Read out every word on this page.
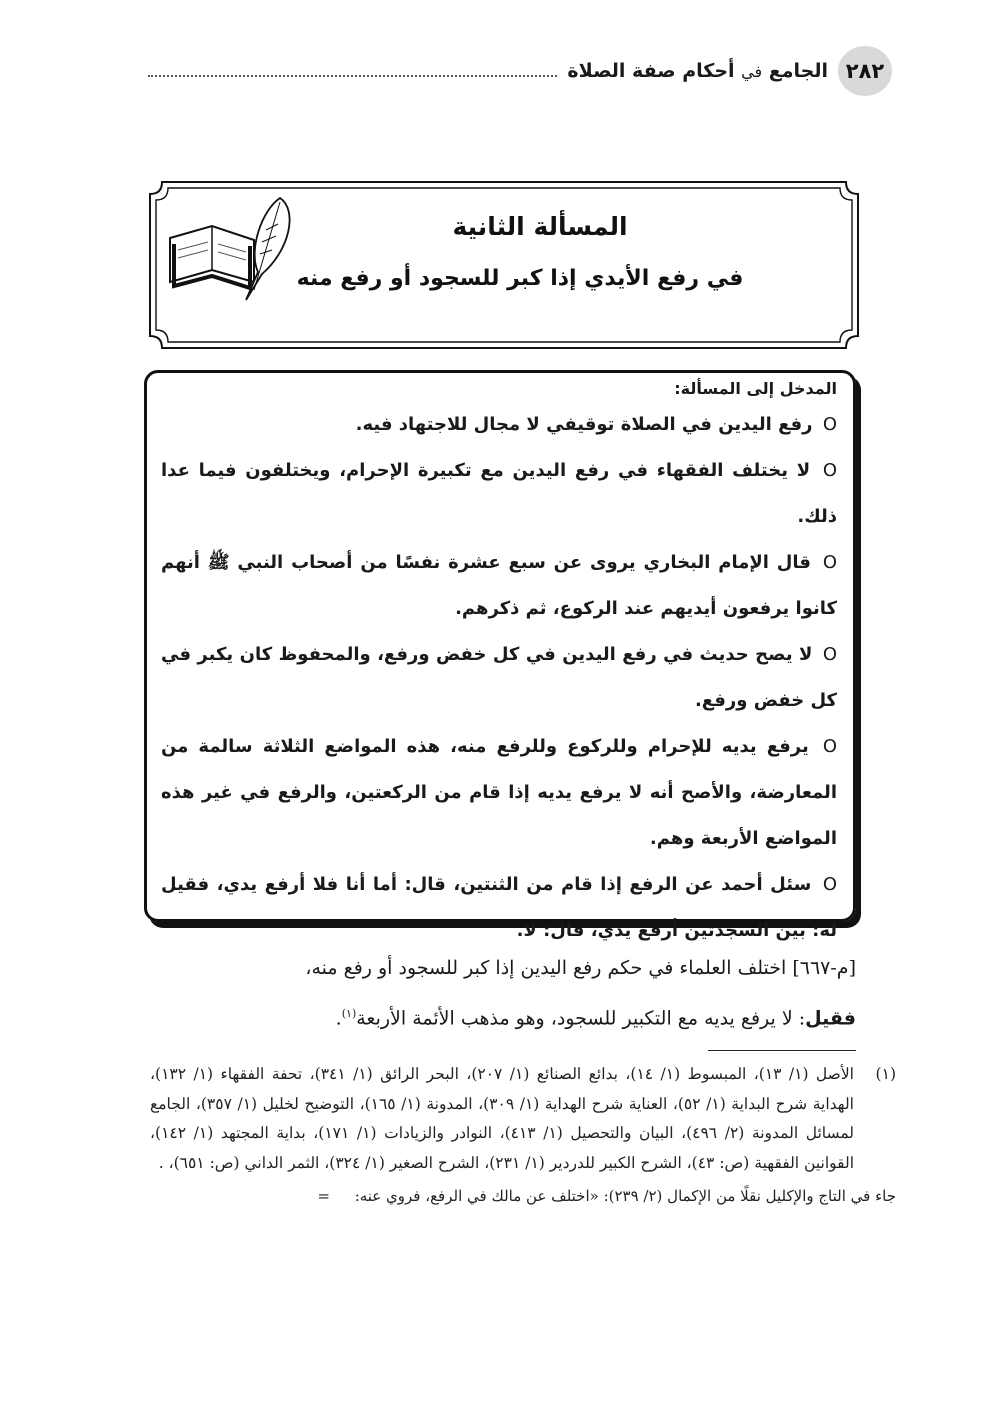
٢٨٢
الجامع في أحكام صفة الصلاة
المسألة الثانية
في رفع الأيدي إذا كبر للسجود أو رفع منه
المدخل إلى المسألة:
O رفع اليدين في الصلاة توقيفي لا مجال للاجتهاد فيه.
O لا يختلف الفقهاء في رفع اليدين مع تكبيرة الإحرام، ويختلفون فيما عدا ذلك.
O قال الإمام البخاري يروى عن سبع عشرة نفسًا من أصحاب النبي ﷺ أنهم كانوا يرفعون أيديهم عند الركوع، ثم ذكرهم.
O لا يصح حديث في رفع اليدين في كل خفض ورفع، والمحفوظ كان يكبر في كل خفض ورفع.
O يرفع يديه للإحرام وللركوع وللرفع منه، هذه المواضع الثلاثة سالمة من المعارضة، والأصح أنه لا يرفع يديه إذا قام من الركعتين، والرفع في غير هذه المواضع الأربعة وهم.
O سئل أحمد عن الرفع إذا قام من الثنتين، قال: أما أنا فلا أرفع يدي، فقيل له: بين السجدتين أرفع يدي، قال: لا.
[م-٦٦٧] اختلف العلماء في حكم رفع اليدين إذا كبر للسجود أو رفع منه،
فقيل: لا يرفع يديه مع التكبير للسجود، وهو مذهب الأئمة الأربعة$^{(١)}$.
(١)
الأصل (١/ ١٣)، المبسوط (١/ ١٤)، بدائع الصنائع (١/ ٢٠٧)، البحر الرائق (١/ ٣٤١)، تحفة الفقهاء (١/ ١٣٢)، الهداية شرح البداية (١/ ٥٢)، العناية شرح الهداية (١/ ٣٠٩)، المدونة (١/ ١٦٥)، التوضيح لخليل (١/ ٣٥٧)، الجامع لمسائل المدونة (٢/ ٤٩٦)، البيان والتحصيل (١/ ٤١٣)، النوادر والزيادات (١/ ١٧١)، بداية المجتهد (١/ ١٤٢)، القوانين الفقهية (ص: ٤٣)، الشرح الكبير للدردير (١/ ٢٣١)، الشرح الصغير (١/ ٣٢٤)، الثمر الداني (ص: ٦٥١)، .
جاء في التاج والإكليل نقلًا من الإكمال (٢/ ٢٣٩): «اختلف عن مالك في الرفع، فروي عنه: =
